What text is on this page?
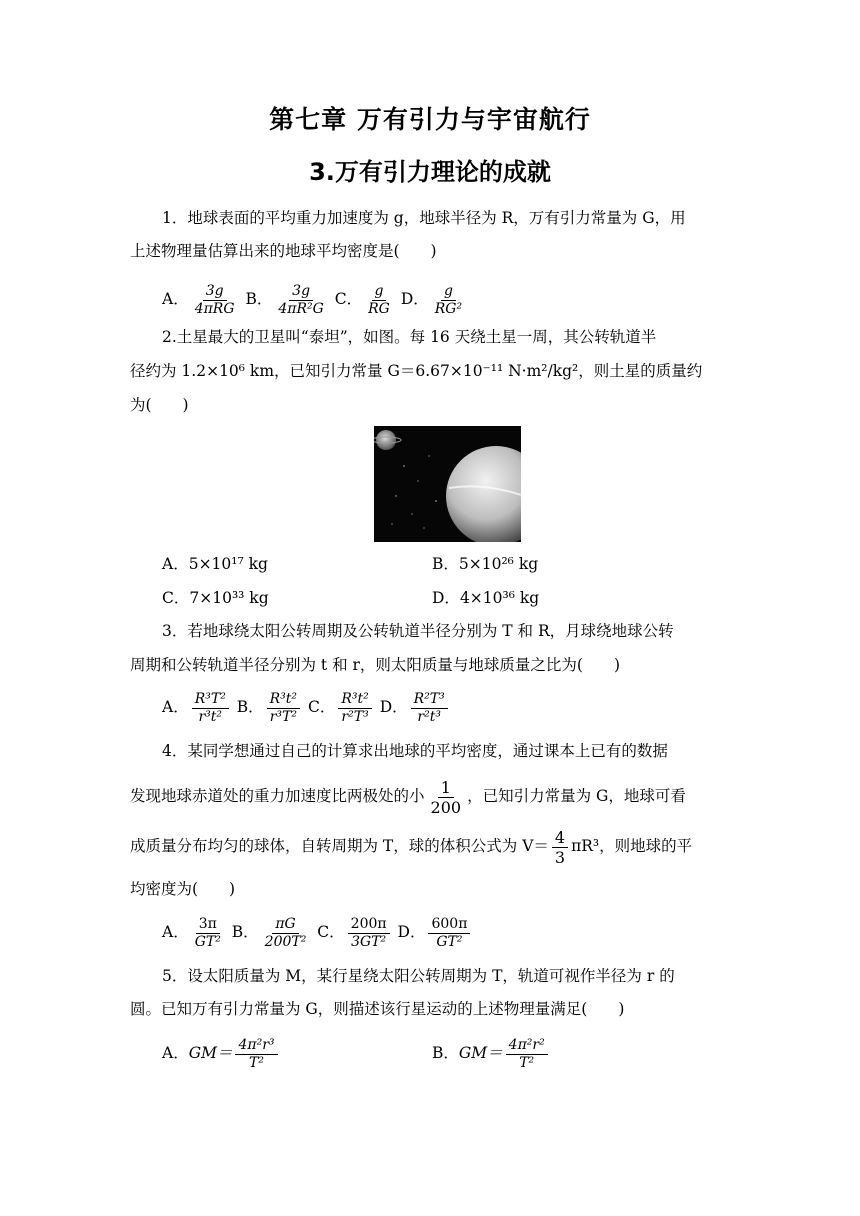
第七章 万有引力与宇宙航行
3.万有引力理论的成就
1．地球表面的平均重力加速度为 g，地球半径为 R，万有引力常量为 G，用
上述物理量估算出来的地球平均密度是(　　)
A． $\frac{3g}{\text{4πRG}}$ B． $\frac{3g}{\text{4πR²G}}$ C． $\frac{g}{RG}$ D． $\frac{g}{\text{RG²}}$
2.土星最大的卫星叫“泰坦”，如图。每 16 天绕土星一周，其公转轨道半
径约为 1.2×10⁶ km，已知引力常量 G＝6.67×10⁻¹¹ N·m²/kg²，则土星的质量约
为(　　)
A．5×10¹⁷ kg	B．5×10²⁶ kg
C．7×10³³ kg	D．4×10³⁶ kg
3．若地球绕太阳公转周期及公转轨道半径分别为 T 和 R，月球绕地球公转
周期和公转轨道半径分别为 t 和 r，则太阳质量与地球质量之比为(　　)
A． $\frac{\text{R³T²}}{\text{r³t²}}$ B． $\frac{\text{R³t²}}{\text{r³T²}}$ C． $\frac{\text{R³t²}}{\text{r²T³}}$ D． $\frac{\text{R²T³}}{\text{r²t³}}$
4．某同学想通过自己的计算求出地球的平均密度，通过课本上已有的数据
发现地球赤道处的重力加速度比两极处的小 $\frac{1}{200}$ ，已知引力常量为 G，地球可看
成质量分布均匀的球体，自转周期为 T，球的体积公式为 $V= \frac{4}{3} \pi R^3$，则地球的平
均密度为(　　)
A． $\frac{3\pi}{\text{GT²}}$ B． $\frac{\pi G}{\text{200T²}}$ C． $\frac{200\pi}{\text{3GT²}}$ D． $\frac{600\pi}{\text{GT²}}$
5．设太阳质量为 M，某行星绕太阳公转周期为 T，轨道可视作半径为 r 的
圆。已知万有引力常量为 G，则描述该行星运动的上述物理量满足(　　)
A．$GM= \frac{\text{4π²r³}}{\text{T²}}$	B．$GM= \frac{\text{4π²r²}}{\text{T²}}$
